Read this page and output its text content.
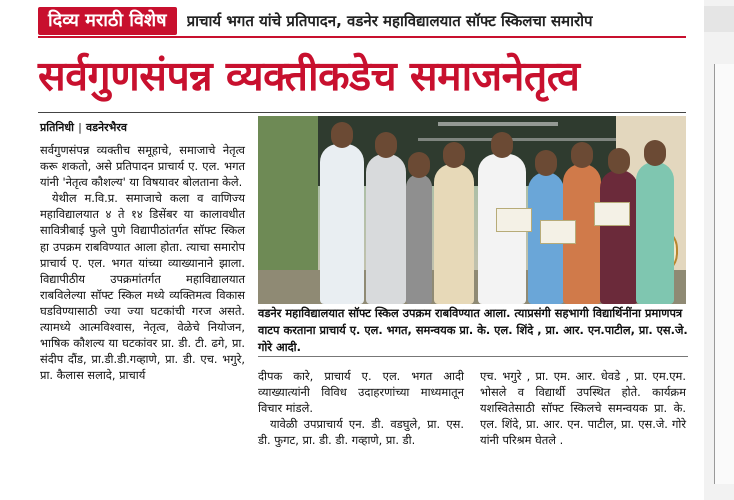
दिव्य मराठी विशेष	प्राचार्य भगत यांचे प्रतिपादन, वडनेर महाविद्यालयात सॉफ्ट स्किलचा समारोप
सर्वगुणसंपन्न व्यक्तीकडेच समाजनेतृत्व
प्रतिनिधी | वडनेरभैरव

सर्वगुणसंपन्न व्यक्तीच समूहाचे, समाजाचे नेतृत्व करू शकतो, असे प्रतिपादन प्राचार्य ए. एल. भगत यांनी 'नेतृत्व कौशल्य' या विषयावर बोलताना केले.

येथील म.वि.प्र. समाजाचे कला व वाणिज्य महाविद्यालयात ४ ते १४ डिसेंबर या कालावधीत सावित्रीबाई फुले पुणे विद्यापीठांतर्गत सॉफ्ट स्किल हा उपक्रम राबविण्यात आला होता. त्याचा समारोप प्राचार्य ए. एल. भगत यांच्या व्याख्यानाने झाला. विद्यापीठीय उपक्रमांतर्गत महाविद्यालयात राबविलेल्या सॉफ्ट स्किल मध्ये व्यक्तिमत्व विकास घडविण्यासाठी ज्या ज्या घटकांची गरज असते. त्यामध्ये आत्मविश्वास, नेतृत्व, वेळेचे नियोजन, भाषिक कौशल्य या घटकांवर प्रा. डी. टी. ढगे, प्रा. संदीप दौंड, प्रा.डी.डी.गव्हाणे, प्रा. डी. एच. भगुरे, प्रा. कैलास सलादे, प्राचार्य

वडनेर महाविद्यालयात सॉफ्ट स्किल उपक्रम राबविण्यात आला. त्याप्रसंगी सहभागी विद्यार्थिनींना प्रमाणपत्र वाटप करताना प्राचार्य ए. एल. भगत, समन्वयक प्रा. के. एल. शिंदे , प्रा. आर. एन.पाटील, प्रा. एस.जे. गोरे आदी.

दीपक कारे, प्राचार्य ए. एल. भगत आदी व्याख्यात्यांनी विविध उदाहरणांच्या माध्यमातून विचार मांडले.

यावेळी उपप्राचार्य एन. डी. वडघुले, प्रा. एस. डी. फुगट, प्रा. डी. डी. गव्हाणे, प्रा. डी.

एच. भगुरे , प्रा. एम. आर. धेवडे , प्रा. एम.एम. भोसले व विद्यार्थी उपस्थित होते. कार्यक्रम यशस्वितेसाठी सॉफ्ट स्किलचे समन्वयक प्रा. के. एल. शिंदे, प्रा. आर. एन. पाटील, प्रा. एस.जे. गोरे यांनी परिश्रम घेतले .
